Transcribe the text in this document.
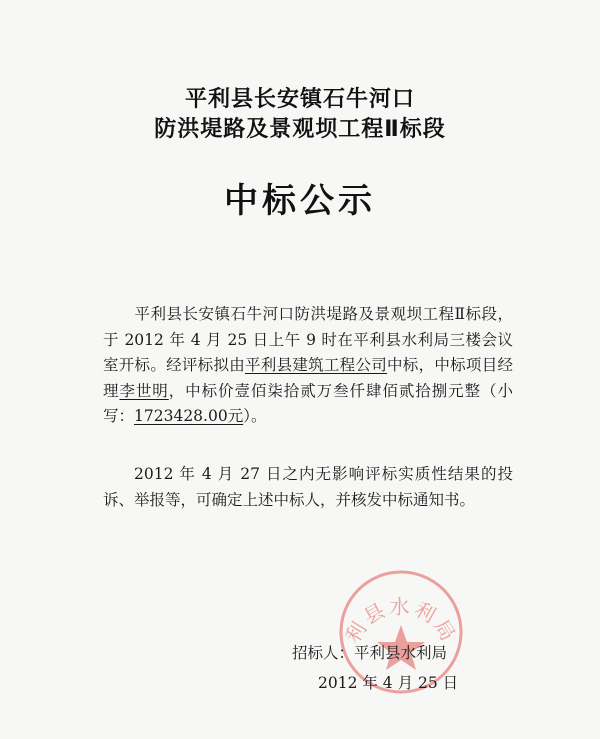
平利县长安镇石牛河口
防洪堤路及景观坝工程Ⅱ标段
中标公示
平利县长安镇石牛河口防洪堤路及景观坝工程Ⅱ标段，于 2012 年 4 月 25 日上午 9 时在平利县水利局三楼会议室开标。经评标拟由平利县建筑工程公司中标，中标项目经理李世明，中标价壹佰柒拾贰万叁仟肆佰贰拾捌元整（小写：1723428.00元）。
2012 年 4 月 27 日之内无影响评标实质性结果的投诉、举报等，可确定上述中标人，并核发中标通知书。
利县水利局
招标人：平利县水利局
2012 年 4 月 25 日
